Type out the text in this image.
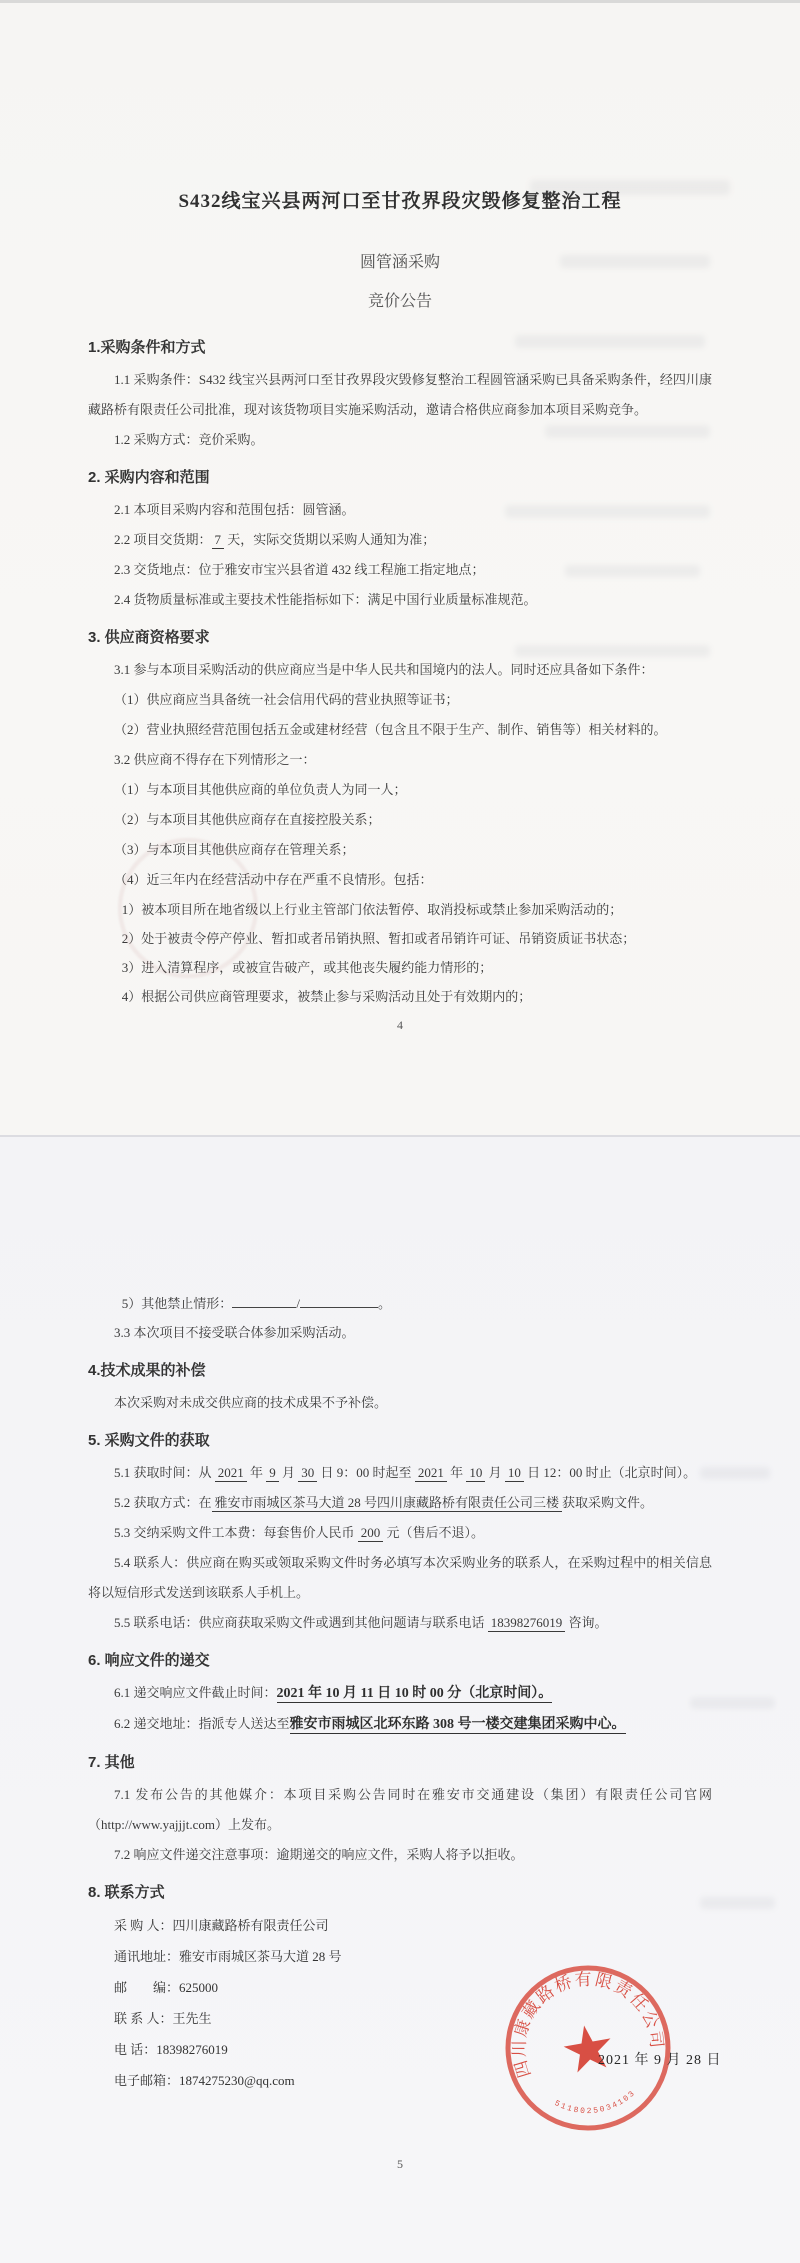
S432线宝兴县两河口至甘孜界段灾毁修复整治工程
圆管涵采购
竞价公告
1.采购条件和方式

1.1 采购条件：S432 线宝兴县两河口至甘孜界段灾毁修复整治工程圆管涵采购已具备采购条件，经四川康藏路桥有限责任公司批准，现对该货物项目实施采购活动，邀请合格供应商参加本项目采购竞争。

1.2 采购方式：竞价采购。

2. 采购内容和范围

2.1 本项目采购内容和范围包括：圆管涵。

2.2 项目交货期： 7 天，实际交货期以采购人通知为准；

2.3 交货地点：位于雅安市宝兴县省道 432 线工程施工指定地点；

2.4 货物质量标准或主要技术性能指标如下：满足中国行业质量标准规范。

3. 供应商资格要求

3.1 参与本项目采购活动的供应商应当是中华人民共和国境内的法人。同时还应具备如下条件：

（1）供应商应当具备统一社会信用代码的营业执照等证书；

（2）营业执照经营范围包括五金或建材经营（包含且不限于生产、制作、销售等）相关材料的。

3.2 供应商不得存在下列情形之一：

（1）与本项目其他供应商的单位负责人为同一人；

（2）与本项目其他供应商存在直接控股关系；

（3）与本项目其他供应商存在管理关系；

（4）近三年内在经营活动中存在严重不良情形。包括：

1）被本项目所在地省级以上行业主管部门依法暂停、取消投标或禁止参加采购活动的；

2）处于被责令停产停业、暂扣或者吊销执照、暂扣或者吊销许可证、吊销资质证书状态；

3）进入清算程序，或被宣告破产，或其他丧失履约能力情形的；

4）根据公司供应商管理要求，被禁止参与采购活动且处于有效期内的；

4

5）其他禁止情形：	/	。

3.3 本次项目不接受联合体参加采购活动。

4.技术成果的补偿

本次采购对未成交供应商的技术成果不予补偿。

5. 采购文件的获取

5.1 获取时间：从 2021 年 9 月 30 日 9：00 时起至 2021 年 10 月 10 日 12：00 时止（北京时间）。

5.2 获取方式：在 雅安市雨城区茶马大道 28 号四川康藏路桥有限责任公司三楼 获取采购文件。

5.3 交纳采购文件工本费：每套售价人民币 200 元（售后不退）。

5.4 联系人：供应商在购买或领取采购文件时务必填写本次采购业务的联系人，在采购过程中的相关信息将以短信形式发送到该联系人手机上。

5.5 联系电话：供应商获取采购文件或遇到其他问题请与联系电话 18398276019 咨询。

6. 响应文件的递交

6.1 递交响应文件截止时间：2021 年 10 月 11 日 10 时 00 分（北京时间）。

6.2 递交地址：指派专人送达至雅安市雨城区北环东路 308 号一楼交建集团采购中心。

7. 其他

7.1 发布公告的其他媒介：本项目采购公告同时在雅安市交通建设（集团）有限责任公司官网（http://www.yajjjt.com）上发布。

7.2 响应文件递交注意事项：逾期递交的响应文件，采购人将予以拒收。

8. 联系方式

采 购 人：四川康藏路桥有限责任公司

通讯地址：雅安市雨城区茶马大道 28 号

邮　　编：625000

联 系 人：王先生

电 话：18398276019

电子邮箱：1874275230@qq.com

四川康藏路桥有限责任公司
5118025034103
★
2021 年 9 月 28 日
5
